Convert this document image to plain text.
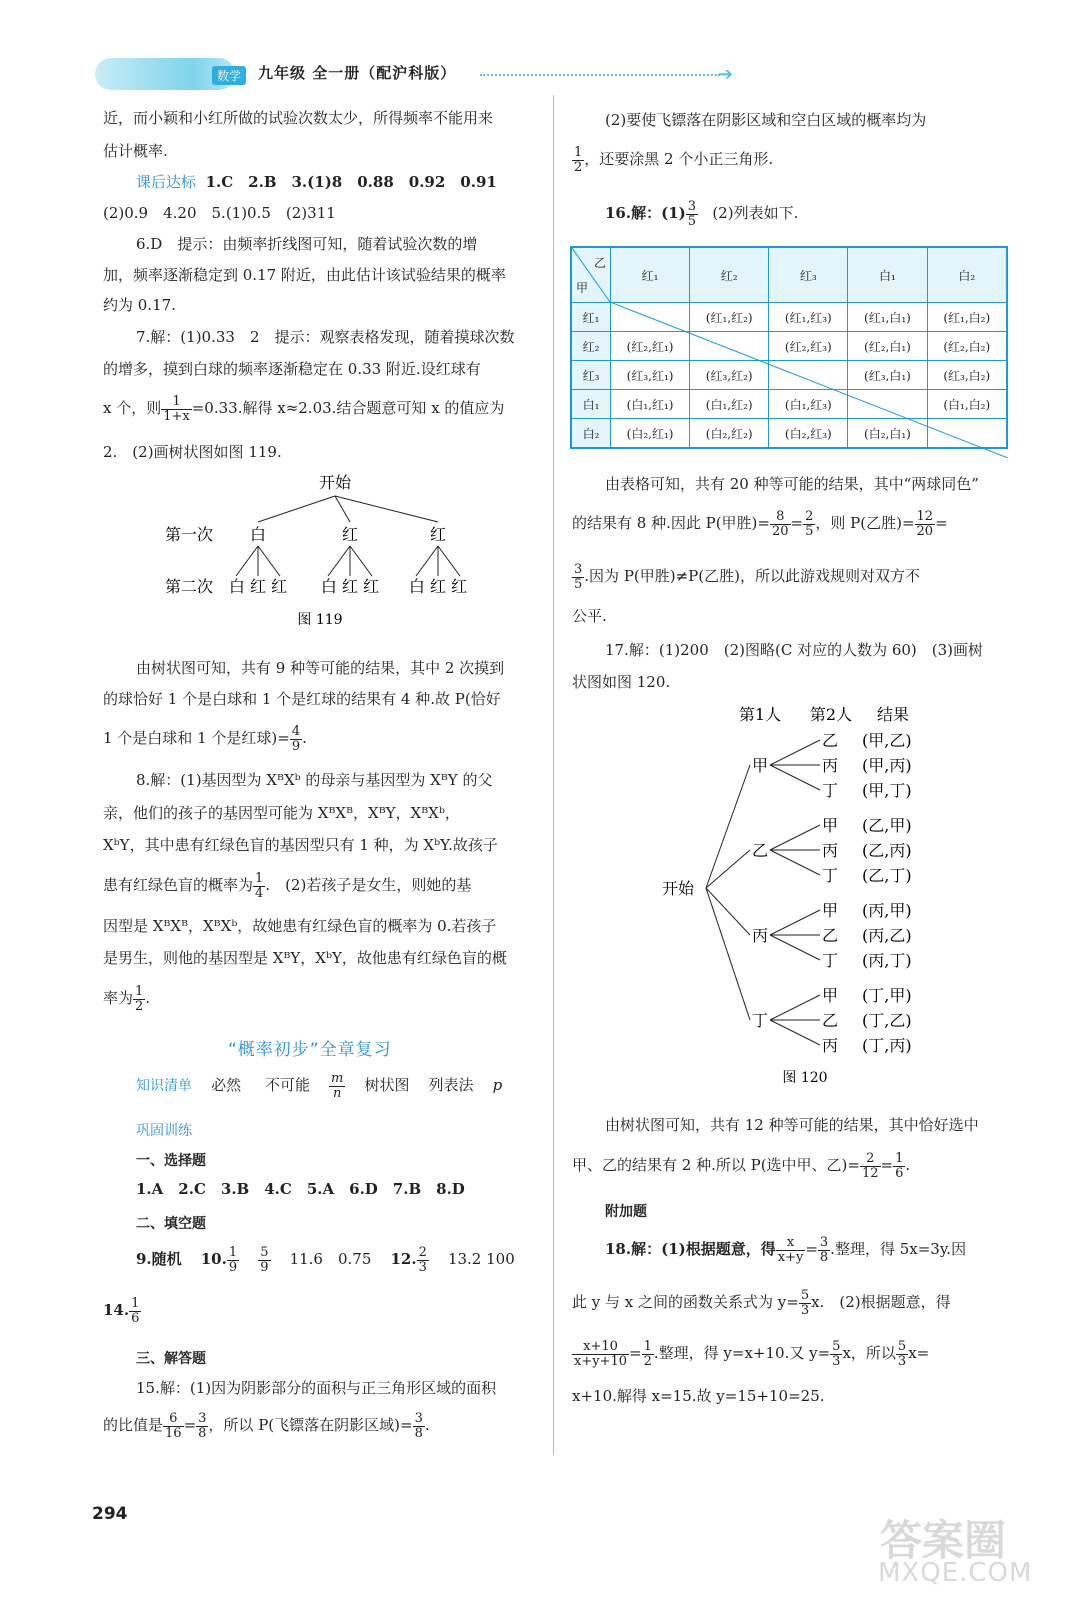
数学	九年级 全一册（配沪科版）	➔
近，而小颖和小红所做的试验次数太少，所得频率不能用来
估计概率.
课后达标 1.C　2.B　3.(1)8　0.88　0.92　0.91
(2)0.9　4.20　5.(1)0.5　(2)311
6.D　提示：由频率折线图可知，随着试验次数的增
加，频率逐渐稳定到 0.17 附近，由此估计该试验结果的概率
约为 0.17.
7.解：(1)0.33　2　提示：观察表格发现，随着摸球次数
的增多，摸到白球的频率逐渐稳定在 0.33 附近.设红球有
x 个，则 $\frac{1}{1+x} =0.33$.解得 x≈2.03.结合题意可知 x 的值应为
2.　(2)画树状图如图 119.
开始
第一次 白	红	红
第二次 白 红 红 白 红 红 白 红 红
图 119
由树状图可知，共有 9 种等可能的结果，其中 2 次摸到
的球恰好 1 个是白球和 1 个是红球的结果有 4 种.故 P(恰好
1 个是白球和 1 个是红球)= $\frac{4}{9}$ .
8.解：(1)基因型为 XᴮXᵇ 的母亲与基因型为 XᴮY 的父
亲，他们的孩子的基因型可能为 XᴮXᴮ，XᴮY，XᴮXᵇ，
XᵇY，其中患有红绿色盲的基因型只有 1 种，为 XᵇY.故孩子
患有红绿色盲的概率为 $\frac{1}{4}$ .　(2)若孩子是女生，则她的基
因型是 XᴮXᴮ，XᴮXᵇ，故她患有红绿色盲的概率为 0.若孩子
是男生，则他的基因型是 XᴮY，XᵇY，故他患有红绿色盲的概
率为 $\frac{1}{2}$ .
“概率初步”全章复习
知识清单 必然 不可能 $\frac{m}{n}$ 树状图 列表法 p
巩固训练
一、选择题
1.A　2.C　3.B　4.C　5.A　6.D　7.B　8.D
二、填空题
9.随机 10. $\frac{1}{9}$
$\frac{5}{9} 11.6$　0.75 12. $\frac{2}{3} 13.2$ 100
14. $\frac{1}{6}$
三、解答题
15.解：(1)因为阴影部分的面积与正三角形区域的面积
的比值是 $\frac{6}{16} = \frac{3}{8}$ ，所以 P(飞镖落在阴影区域)= $\frac{3}{8}$ .
(2)要使飞镖落在阴影区域和空白区域的概率均为
$\frac{1}{2}$ ，还要涂黑 2 个小正三角形.
16.解：$(1) \frac{3}{5} (2)$列表如下.
乙
甲	红₁	红₂	红₃	白₁	白₂
红₁		(红₁,红₂)	(红₁,红₃)	(红₁,白₁)	(红₁,白₂)
红₂	(红₂,红₁)		(红₂,红₃)	(红₂,白₁)	(红₂,白₂)
红₃	(红₃,红₁)	(红₃,红₂)		(红₃,白₁)	(红₃,白₂)
白₁	(白₁,红₁)	(白₁,红₂)	(白₁,红₃)		(白₁,白₂)
白₂	(白₂,红₁)	(白₂,红₂)	(白₂,红₃)	(白₂,白₁)	
由表格可知，共有 20 种等可能的结果，其中“两球同色”
的结果有 8 种.因此 P(甲胜)= $\frac{8}{20} = \frac{2}{5}$ ，则 P(乙胜)= $\frac{12}{20}$ =
$\frac{3}{5}$ .因为 P(甲胜)≠P(乙胜)，所以此游戏规则对双方不
公平.
17.解：(1)200　(2)图略(C 对应的人数为 60)　(3)画树
状图如图 120.
第1人 第2人 结果
开始
甲
乙 (甲,乙)
丙 (甲,丙)
丁 (甲,丁)
乙
甲 (乙,甲)
丙 (乙,丙)
丁 (乙,丁)
丙
甲 (丙,甲)
乙 (丙,乙)
丁 (丙,丁)
丁
甲 (丁,甲)
乙 (丁,乙)
丙 (丁,丙)
图 120
由树状图可知，共有 12 种等可能的结果，其中恰好选中
甲、乙的结果有 2 种.所以 P(选中甲、乙)= $\frac{2}{12} = \frac{1}{6}$ .
附加题
18.解：(1)根据题意，得 $\frac{x}{x+y} = \frac{3}{8}$ .整理，得 5x=3y.因
此 y 与 x 之间的函数关系式为 $y= \frac{5}{3} x$.　(2)根据题意，得
$\frac{x+10}{x+y+10} = \frac{1}{2}$ .整理，得 y=x+10.又 $y= \frac{5}{3}$ x，所以 $\frac{5}{3} x=$
x+10.解得 x=15.故 y=15+10=25.
294
答案圈
MXQE.COM
